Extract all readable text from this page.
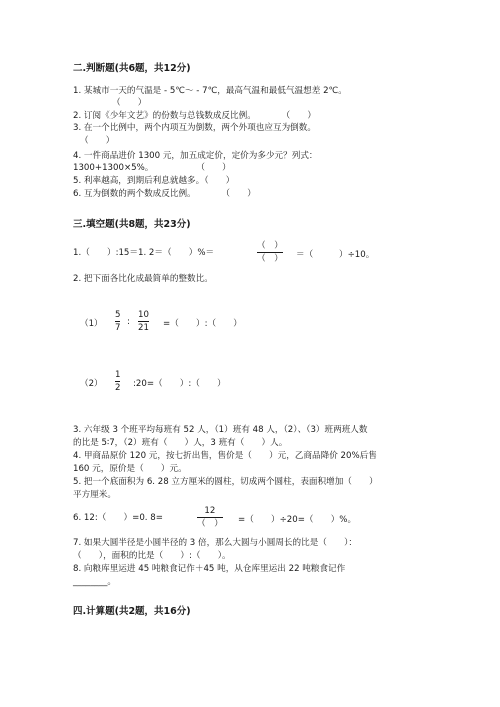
二.判断题(共6题，共12分)
1. 某城市一天的气温是 - 5℃～ - 7℃，最高气温和最低气温想差 2℃。
（　　）
2. 订阅《少年文艺》的份数与总钱数成反比例。　　　　（　　）
3. 在一个比例中，两个内项互为倒数，两个外项也应互为倒数。
（　　）
4. 一件商品进价 1300 元，加五成定价，定价为多少元？列式：
1300+1300×5%。　　　　　　（　　）
5. 利率越高，到期后利息就越多。（　　）
6. 互为倒数的两个数成反比例。　　　　（　　）
三.填空题(共8题，共23分)
1.（　　）:15＝1. 2＝（　　）%＝
（　）
（　） ＝（　　　）÷10。
2. 把下面各比化成最简单的整数比。
（1）
5
7
:
10
21 =（　　）:（　　）
（2）
1
2 :20=（　　）:（　　）
3. 六年级 3 个班平均每班有 52 人，（1）班有 48 人，（2）、（3）班两班人数
的比是 5∶7，（2）班有（　　）人，3 班有（　　）人。
4. 甲商品原价 120 元，按七折出售，售价是（　　）元，乙商品降价 20%后售
160 元，原价是（　　）元。
5. 把一个底面积为 6. 28 立方厘米的圆柱，切成两个圆柱，表面积增加（　　）
平方厘米。
6. 12:（　　）=0. 8=
12
（　） =（　　）÷20=（　　）%。
7. 如果大圆半径是小圆半径的 3 倍，那么大圆与小圆周长的比是（　　）：
（　　），面积的比是（　　）:（　　）。
8. 向粮库里运进 45 吨粮食记作＋45 吨，从仓库里运出 22 吨粮食记作
________。
四.计算题(共2题，共16分)
